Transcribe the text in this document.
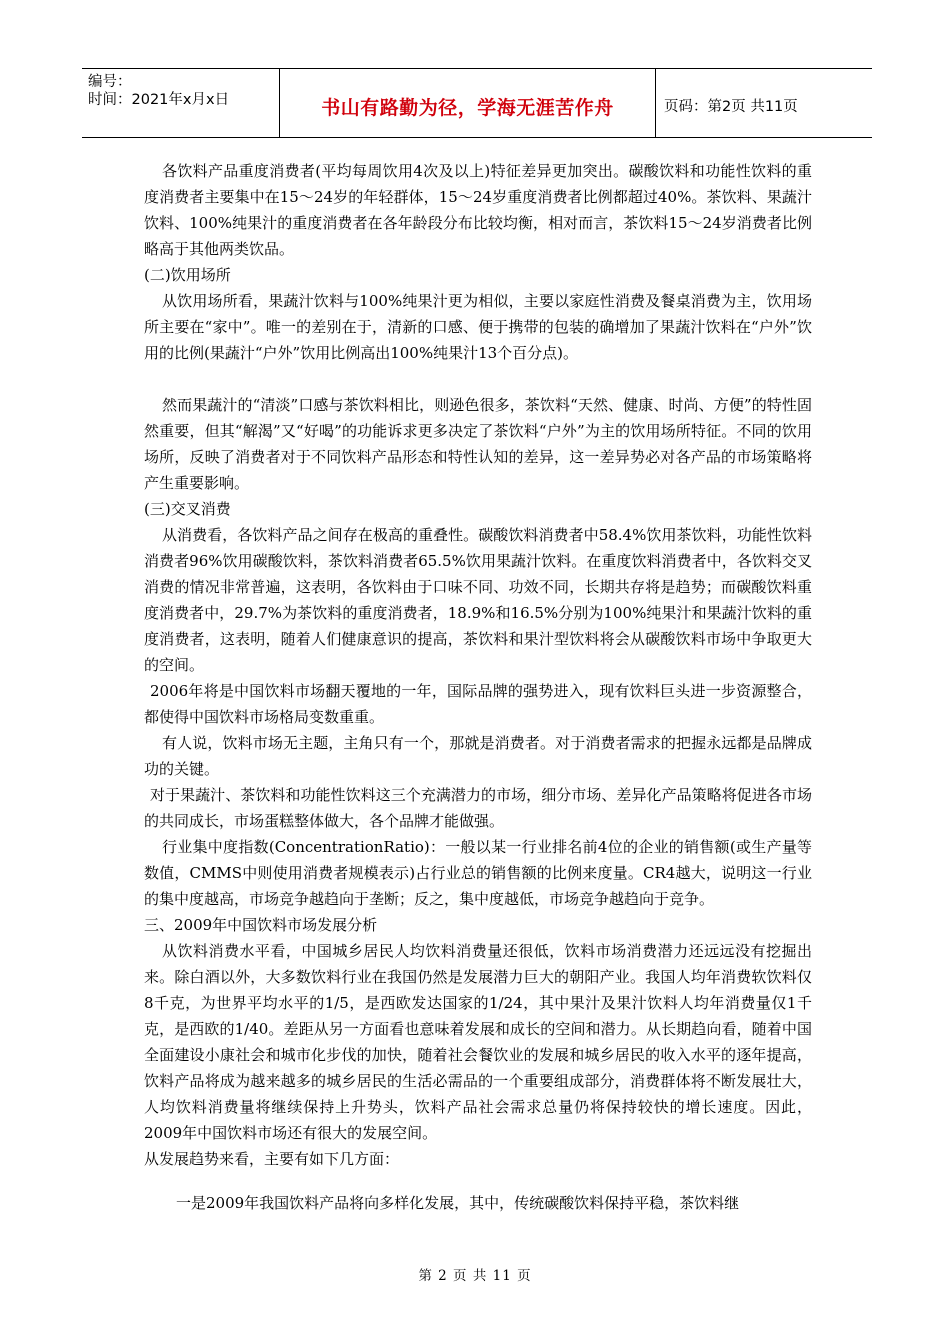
编号：
时间：2021年x月x日	书山有路勤为径，学海无涯苦作舟	页码：第2页 共11页

各饮料产品重度消费者(平均每周饮用4次及以上)特征差异更加突出。碳酸饮料和功能性饮料的重度消费者主要集中在15～24岁的年轻群体，15～24岁重度消费者比例都超过40%。茶饮料、果蔬汁饮料、100%纯果汁的重度消费者在各年龄段分布比较均衡，相对而言，茶饮料15～24岁消费者比例略高于其他两类饮品。

(二)饮用场所

从饮用场所看，果蔬汁饮料与100%纯果汁更为相似，主要以家庭性消费及餐桌消费为主，饮用场所主要在“家中”。唯一的差别在于，清新的口感、便于携带的包装的确增加了果蔬汁饮料在“户外”饮用的比例(果蔬汁“户外”饮用比例高出100%纯果汁13个百分点)。

然而果蔬汁的“清淡”口感与茶饮料相比，则逊色很多，茶饮料“天然、健康、时尚、方便”的特性固然重要，但其“解渴”又“好喝”的功能诉求更多决定了茶饮料“户外”为主的饮用场所特征。不同的饮用场所，反映了消费者对于不同饮料产品形态和特性认知的差异，这一差异势必对各产品的市场策略将产生重要影响。

(三)交叉消费

从消费看，各饮料产品之间存在极高的重叠性。碳酸饮料消费者中58.4%饮用茶饮料，功能性饮料消费者96%饮用碳酸饮料，茶饮料消费者65.5%饮用果蔬汁饮料。在重度饮料消费者中，各饮料交叉消费的情况非常普遍，这表明，各饮料由于口味不同、功效不同，长期共存将是趋势；而碳酸饮料重度消费者中，29.7%为茶饮料的重度消费者，18.9%和16.5%分别为100%纯果汁和果蔬汁饮料的重度消费者，这表明，随着人们健康意识的提高，茶饮料和果汁型饮料将会从碳酸饮料市场中争取更大的空间。

2006年将是中国饮料市场翻天覆地的一年，国际品牌的强势进入，现有饮料巨头进一步资源整合，都使得中国饮料市场格局变数重重。

有人说，饮料市场无主题，主角只有一个，那就是消费者。对于消费者需求的把握永远都是品牌成功的关键。

对于果蔬汁、茶饮料和功能性饮料这三个充满潜力的市场，细分市场、差异化产品策略将促进各市场的共同成长，市场蛋糕整体做大，各个品牌才能做强。

行业集中度指数(ConcentrationRatio)：一般以某一行业排名前4位的企业的销售额(或生产量等数值，CMMS中则使用消费者规模表示)占行业总的销售额的比例来度量。CR4越大，说明这一行业的集中度越高，市场竞争越趋向于垄断；反之，集中度越低，市场竞争越趋向于竞争。

三、2009年中国饮料市场发展分析

从饮料消费水平看，中国城乡居民人均饮料消费量还很低，饮料市场消费潜力还远远没有挖掘出来。除白酒以外，大多数饮料行业在我国仍然是发展潜力巨大的朝阳产业。我国人均年消费软饮料仅8千克，为世界平均水平的1/5，是西欧发达国家的1/24，其中果汁及果汁饮料人均年消费量仅1千克，是西欧的1/40。差距从另一方面看也意味着发展和成长的空间和潜力。从长期趋向看，随着中国全面建设小康社会和城市化步伐的加快，随着社会餐饮业的发展和城乡居民的收入水平的逐年提高，饮料产品将成为越来越多的城乡居民的生活必需品的一个重要组成部分，消费群体将不断发展壮大，人均饮料消费量将继续保持上升势头，饮料产品社会需求总量仍将保持较快的增长速度。因此，2009年中国饮料市场还有很大的发展空间。

从发展趋势来看，主要有如下几方面：

一是2009年我国饮料产品将向多样化发展，其中，传统碳酸饮料保持平稳，茶饮料继

第 2 页 共 11 页
